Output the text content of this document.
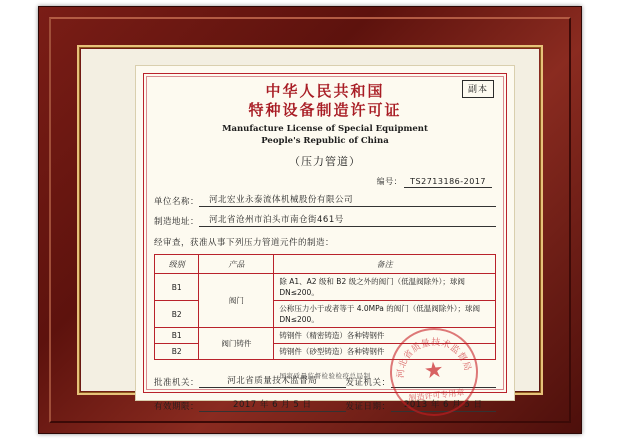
副本
中华人民共和国
特种设备制造许可证
Manufacture License of Special Equipment
People's Republic of China
（压力管道）
编号： TS2713186-2017
单位名称：	河北宏业永泰流体机械股份有限公司
制造地址：	河北省沧州市泊头市南仓街461号
经审查，获准从事下列压力管道元件的制造：
级别	产品	备注
B1	阀门	除 A1、A2 级和 B2 级之外的阀门（低温阀除外）；球阀 DN≤200。
B2		公称压力小于或者等于 4.0MPa 的阀门（低温阀除外）；球阀 DN≤200。
B1	阀门铸件	铸钢件（精密铸造）各种铸钢件
B2		铸钢件（砂型铸造）各种铸钢件
批准机关：	河北省质量技术监督局	发证机关：
有效期限：	2017 年 6 月 5 日	发证日期：	2013 年 6 月 5 日
河北省质量技术监督局
★
制造许可专用章
国家质量监督检验检疫总局制
